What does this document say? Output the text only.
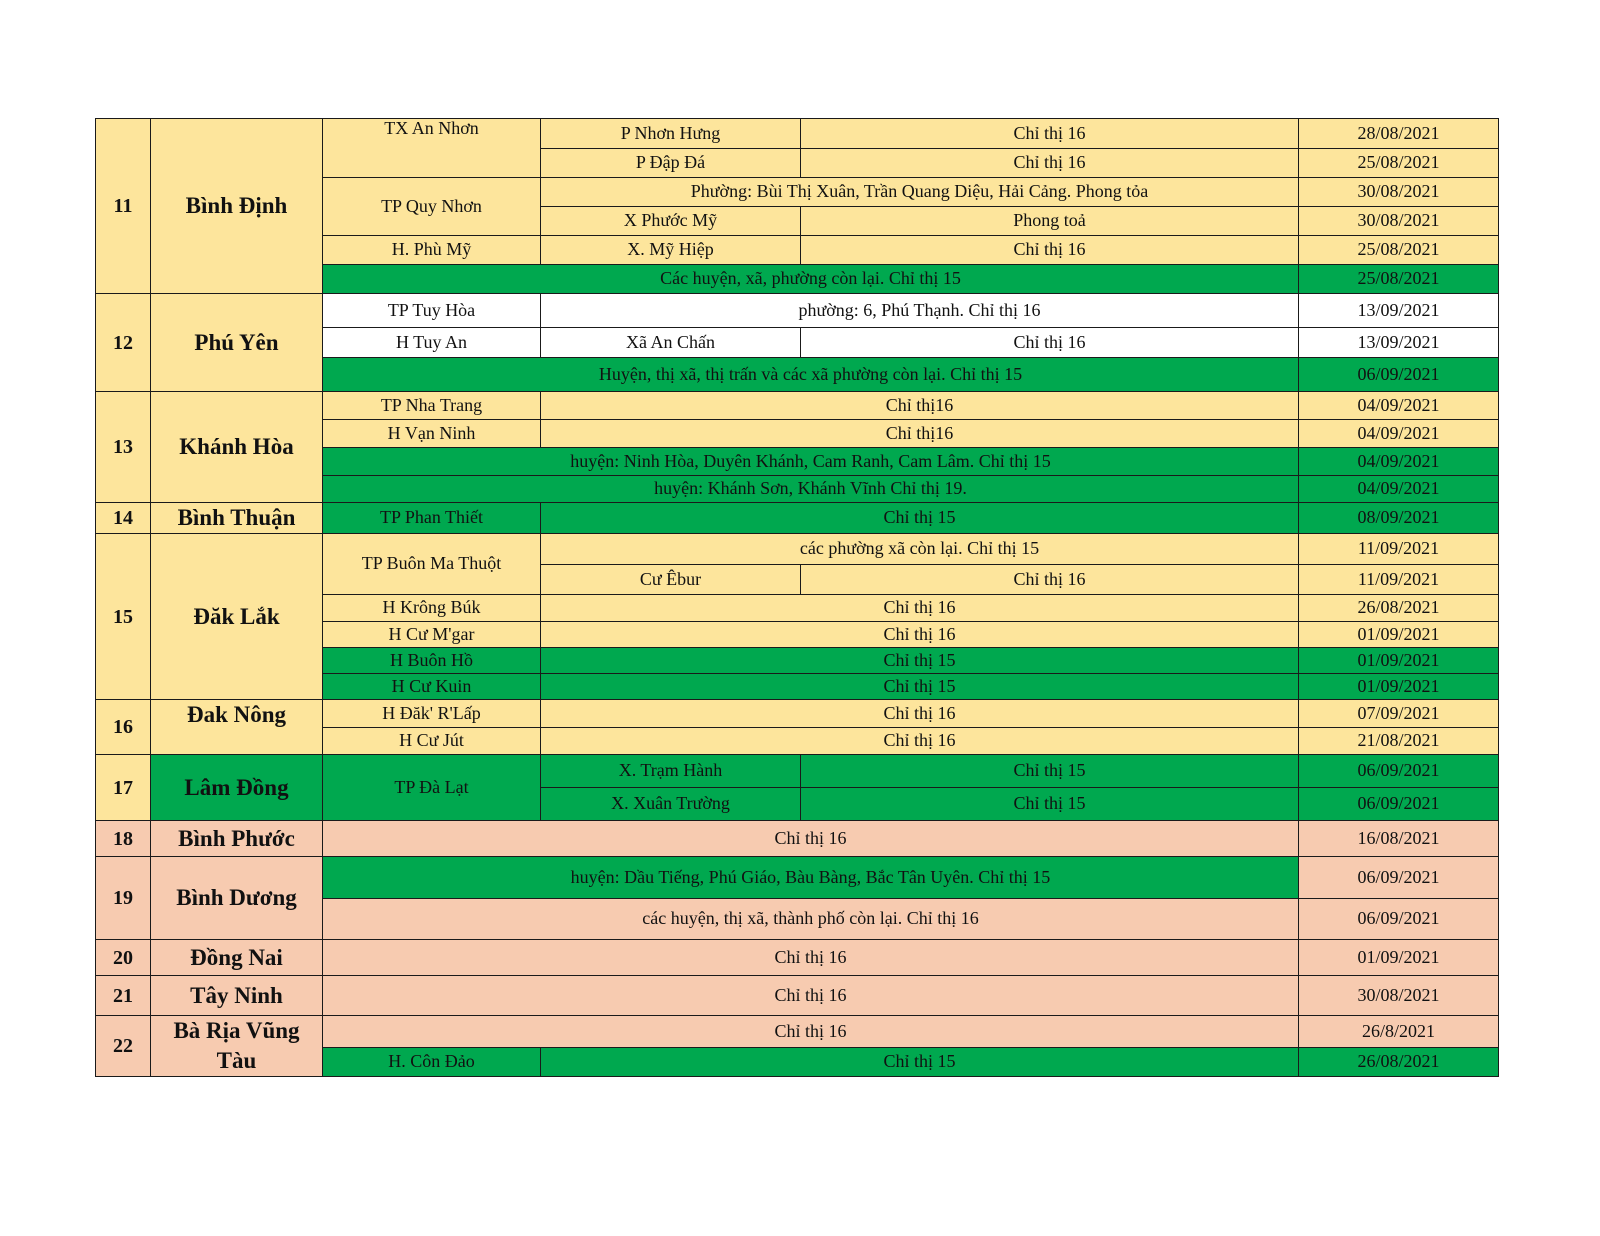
11	Bình Định	TX An Nhơn	P Nhơn Hưng	Chỉ thị 16	28/08/2021
			P Đập Đá	Chỉ thị 16	25/08/2021
		TP Quy Nhơn	Phường: Bùi Thị Xuân, Trần Quang Diệu, Hải Cảng. Phong tỏa		30/08/2021
			X Phước Mỹ	Phong toả	30/08/2021
		H. Phù Mỹ	X. Mỹ Hiệp	Chỉ thị 16	25/08/2021
		Các huyện, xã, phường còn lại. Chỉ thị 15			25/08/2021
12	Phú Yên	TP Tuy Hòa	phường: 6, Phú Thạnh. Chỉ thị 16		13/09/2021
		H Tuy An	Xã An Chấn	Chỉ thị 16	13/09/2021
		Huyện, thị xã, thị trấn và các xã phường còn lại. Chỉ thị 15			06/09/2021
13	Khánh Hòa	TP Nha Trang	Chỉ thị16		04/09/2021
		H Vạn Ninh	Chỉ thị16		04/09/2021
		huyện: Ninh Hòa, Duyên Khánh, Cam Ranh, Cam Lâm. Chỉ thị 15			04/09/2021
		huyện: Khánh Sơn, Khánh Vĩnh Chỉ thị 19.			04/09/2021
14	Bình Thuận	TP Phan Thiết	Chỉ thị 15		08/09/2021
15	Đăk Lắk	TP Buôn Ma Thuột	các phường xã còn lại. Chỉ thị 15		11/09/2021
			Cư Êbur	Chỉ thị 16	11/09/2021
		H Krông Búk	Chỉ thị 16		26/08/2021
		H Cư M'gar	Chỉ thị 16		01/09/2021
		H Buôn Hồ	Chỉ thị 15		01/09/2021
		H Cư Kuin	Chỉ thị 15		01/09/2021
16	Đak Nông	H Đăk' R'Lấp	Chỉ thị 16		07/09/2021
		H Cư Jút	Chỉ thị 16		21/08/2021
17	Lâm Đồng	TP Đà Lạt	X. Trạm Hành	Chỉ thị 15	06/09/2021
			X. Xuân Trường	Chỉ thị 15	06/09/2021
18	Bình Phước	Chỉ thị 16			16/08/2021
19	Bình Dương	huyện: Dầu Tiếng, Phú Giáo, Bàu Bàng, Bắc Tân Uyên. Chỉ thị 15			06/09/2021
		các huyện, thị xã, thành phố còn lại. Chỉ thị 16			06/09/2021
20	Đồng Nai	Chỉ thị 16			01/09/2021
21	Tây Ninh	Chỉ thị 16			30/08/2021
22	Bà Rịa Vũng Tàu	Chỉ thị 16			26/8/2021
		H. Côn Đảo	Chỉ thị 15		26/08/2021
